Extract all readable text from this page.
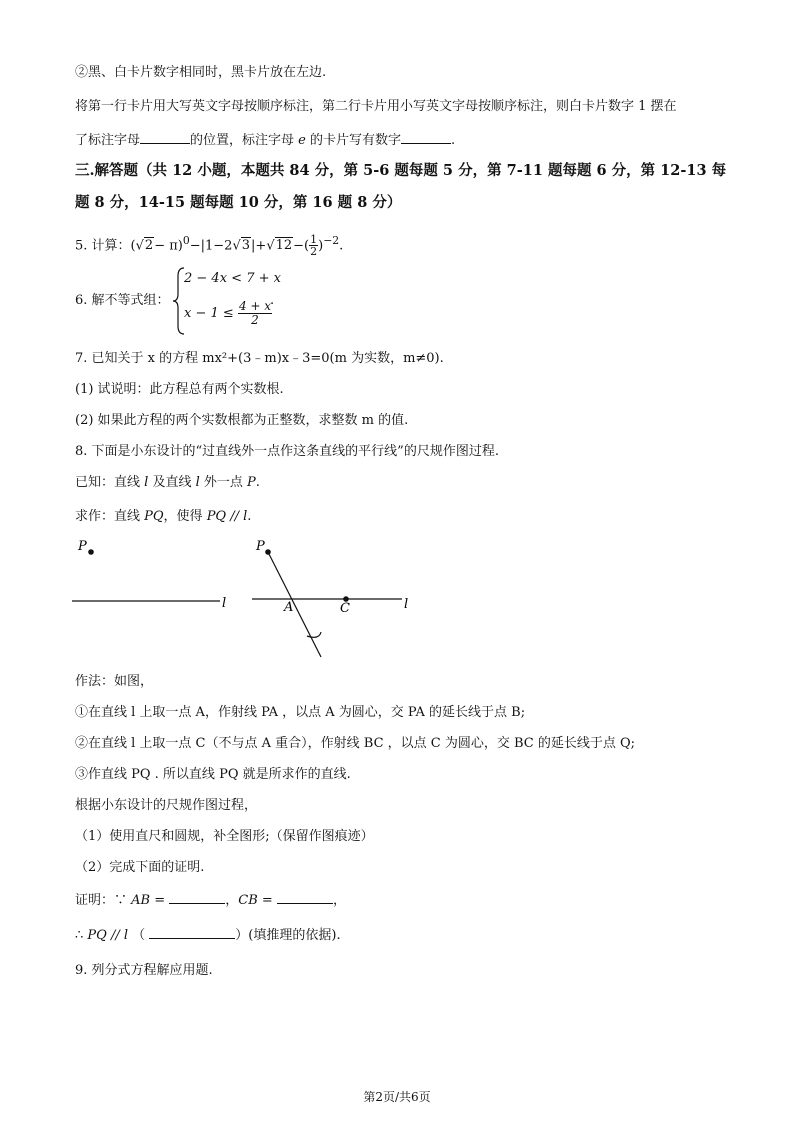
②黑、白卡片数字相同时，黑卡片放在左边.
将第一行卡片用大写英文字母按顺序标注，第二行卡片用小写英文字母按顺序标注，则白卡片数字 1 摆在
了标注字母	的位置，标注字母 e 的卡片写有数字	.
三.解答题（共 12 小题，本题共 84 分，第 5-6 题每题 5 分，第 7-11 题每题 6 分，第 12-13 每
题 8 分，14-15 题每题 10 分，第 16 题 8 分）
5. 计算：$(√2- \pi)^0-|1-2√3|+√12-( \frac{1}{2} )^{-2}$.
6. 解不等式组：
2 − 4x < 7 + x
$x - 1 \le \frac{4 + x}{2}$
.
7. 已知关于 x 的方程 mx²+(3﹣m)x﹣3=0(m 为实数，m≠0).
(1) 试说明：此方程总有两个实数根.
(2) 如果此方程的两个实数根都为正整数，求整数 m 的值.
8. 下面是小东设计的“过直线外一点作这条直线的平行线”的尺规作图过程.
已知：直线 l 及直线 l 外一点 P.
求作：直线 PQ，使得 PQ // l.
P
l
P
l
A	C
作法：如图，
①在直线 l 上取一点 A，作射线 PA ，以点 A 为圆心，交 PA 的延长线于点 B;
②在直线 l 上取一点 C（不与点 A 重合），作射线 BC ，以点 C 为圆心，交 BC 的延长线于点 Q;
③作直线 PQ . 所以直线 PQ 就是所求作的直线.
根据小东设计的尺规作图过程，
（1）使用直尺和圆规，补全图形;（保留作图痕迹）
（2）完成下面的证明.
证明：∵ AB =	，CB =	，
∴ PQ // l （	）(填推理的依据).
9. 列分式方程解应用题.
第2页/共6页
